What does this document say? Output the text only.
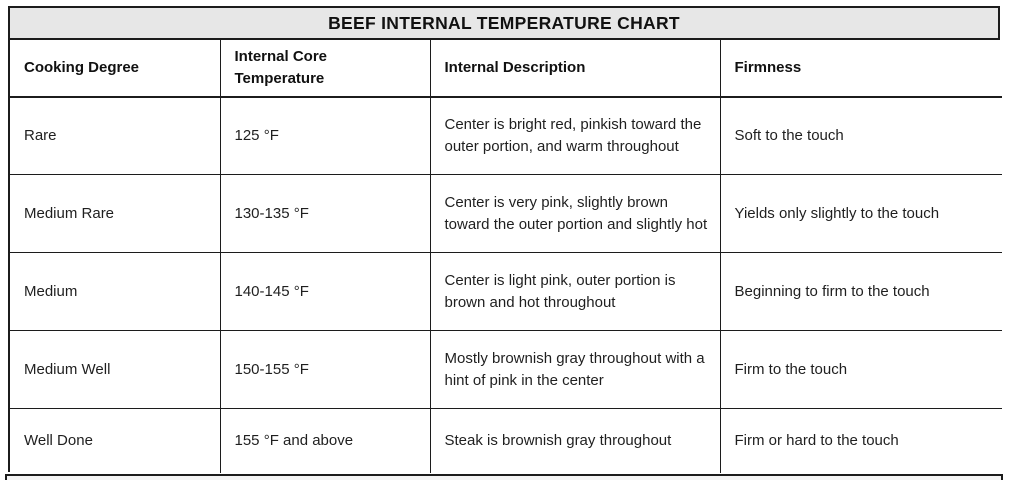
BEEF INTERNAL TEMPERATURE CHART
Cooking Degree	Internal Core Temperature	Internal Description	Firmness
Rare	125 °F	Center is bright red, pinkish toward the outer portion, and warm throughout	Soft to the touch
Medium Rare	130-135 °F	Center is very pink, slightly brown toward the outer portion and slightly hot	Yields only slightly to the touch
Medium	140-145 °F	Center is light pink, outer portion is brown and hot throughout	Beginning to firm to the touch
Medium Well	150-155 °F	Mostly brownish gray throughout with a hint of pink in the center	Firm to the touch
Well Done	155 °F and above	Steak is brownish gray throughout	Firm or hard to the touch
